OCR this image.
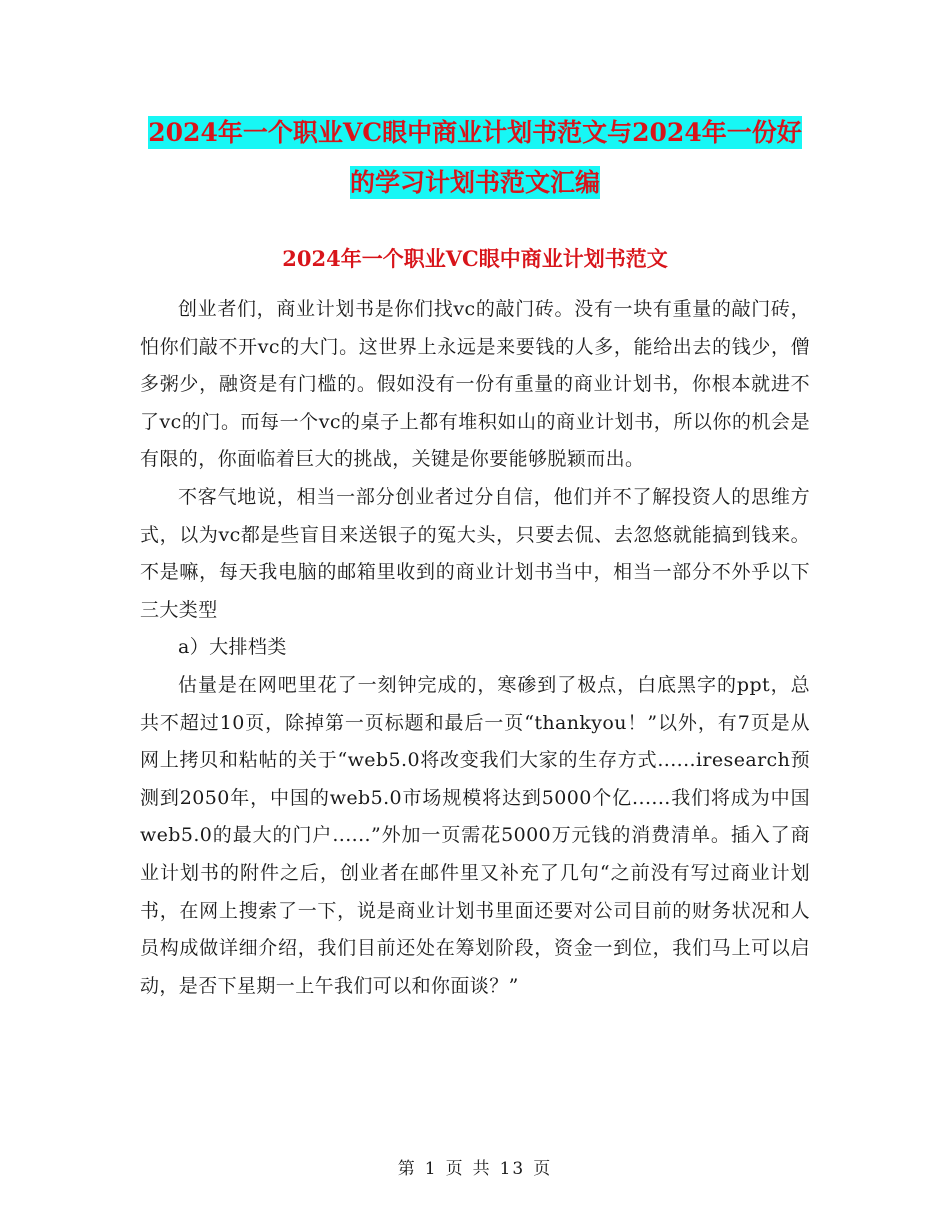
2024年一个职业VC眼中商业计划书范文与2024年一份好的学习计划书范文汇编
2024年一个职业VC眼中商业计划书范文

创业者们，商业计划书是你们找vc的敲门砖。没有一块有重量的敲门砖，怕你们敲不开vc的大门。这世界上永远是来要钱的人多，能给出去的钱少，僧多粥少，融资是有门槛的。假如没有一份有重量的商业计划书，你根本就进不了vc的门。而每一个vc的桌子上都有堆积如山的商业计划书，所以你的机会是有限的，你面临着巨大的挑战，关键是你要能够脱颖而出。

不客气地说，相当一部分创业者过分自信，他们并不了解投资人的思维方式，以为vc都是些盲目来送银子的冤大头，只要去侃、去忽悠就能搞到钱来。不是嘛，每天我电脑的邮箱里收到的商业计划书当中，相当一部分不外乎以下三大类型

a）大排档类

估量是在网吧里花了一刻钟完成的，寒碜到了极点，白底黑字的ppt，总共不超过10页，除掉第一页标题和最后一页“thankyou！”以外，有7页是从网上拷贝和粘帖的关于“web5.0将改变我们大家的生存方式......iresearch预测到2050年，中国的web5.0市场规模将达到5000个亿......我们将成为中国web5.0的最大的门户......”外加一页需花5000万元钱的消费清单。插入了商业计划书的附件之后，创业者在邮件里又补充了几句“之前没有写过商业计划书，在网上搜索了一下，说是商业计划书里面还要对公司目前的财务状况和人员构成做详细介绍，我们目前还处在筹划阶段，资金一到位，我们马上可以启动，是否下星期一上午我们可以和你面谈？”

第 1 页 共 13 页
